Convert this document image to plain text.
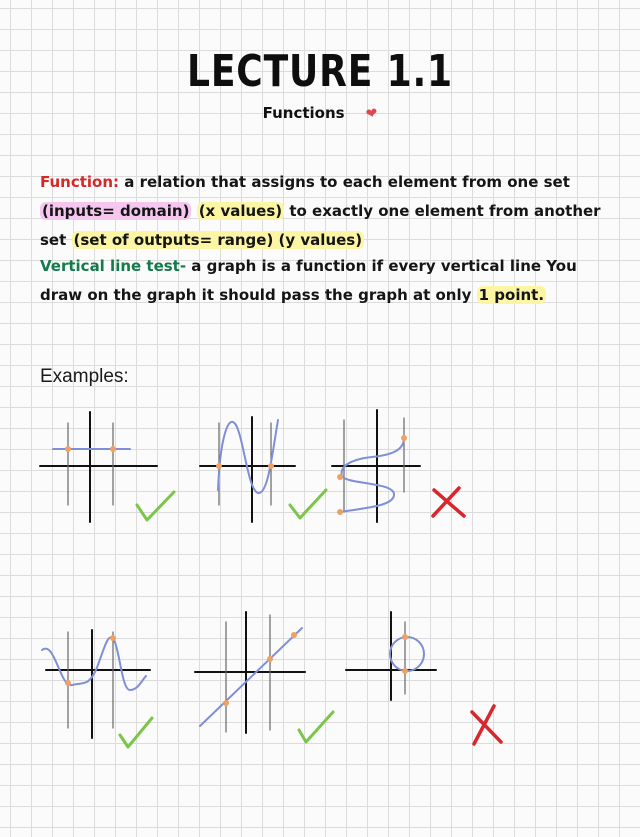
LECTURE 1.1
Functions ❤
Function: a relation that assigns to each element from one set (inputs= domain) (x values) to exactly one element from another set (set of outputs= range) (y values)
Vertical line test- a graph is a function if every vertical line You draw on the graph it should pass the graph at only 1 point.
Examples:
